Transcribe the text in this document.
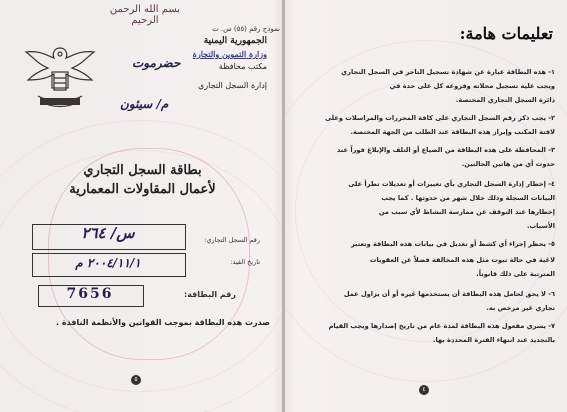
بسم الله الرحمن الرحيم
نموذج رقم (٥٥) س. ت
الجمهورية اليمنية
وزارة التموين والتجارة
مكتب محافظة
إدارة السجل التجاري
حضرموت
م/ سيئون
بطاقة السجل التجاري
لأعمال المقاولات المعمارية
س/ ٢٦٤	رقم السجل التجاري:
٢٠٠٤/١١/١ م	تاريخ القيد:
7656	رقم البطاقة:
صدرت هذه البطاقة بموجب القوانين والأنظمة النافذة .
٥
تعليمات هامة:
١- هذه البطاقة عبارة عن شهادة تسجيل التاجر في السجل التجاري
ويجب عليه تسجيل محلاته وفروعه كل على حدة في
دائرة السجل التجاري المختصة.
٢- يجب ذكر رقم السجل التجاري على كافة المحررات والمراسلات وعلى
لافتة المكتب وإبراز هذه البطاقة عند الطلب من الجهة المختصة.
٣- المحافظة على هذه البطاقة من الضياع أو التلف والإبلاغ فوراً عند
حدوث أي من هاتين الحالتين.
٤- إخطار إدارة السجل التجاري بأي تغييرات أو تعديلات تطرأ على
البيانات السجلة وذلك خلال شهر من حدوثها . كما يجب
إخطارها عند التوقف عن ممارسة النشاط لأي سبب من
الأسباب.
٥- يحظر إجراء أي كشط أو تعديل في بيانات هذه البطاقة وتعتبر
لاغية في حالة ثبوت مثل هذه المخالفة فضلاً عن العقوبات
المترتبة على ذلك قانوناً.
٦- لا يحق لحامل هذه البطاقة أن يستخدمها غيره أو أن يزاول عمل
تجاري غير مرخص به.
٧- يسري مفعول هذه البطاقة لمدة عام من تاريخ إصدارها ويجب القيام
بالتجديد عند انتهاء الفترة المحددة بها.
٤
